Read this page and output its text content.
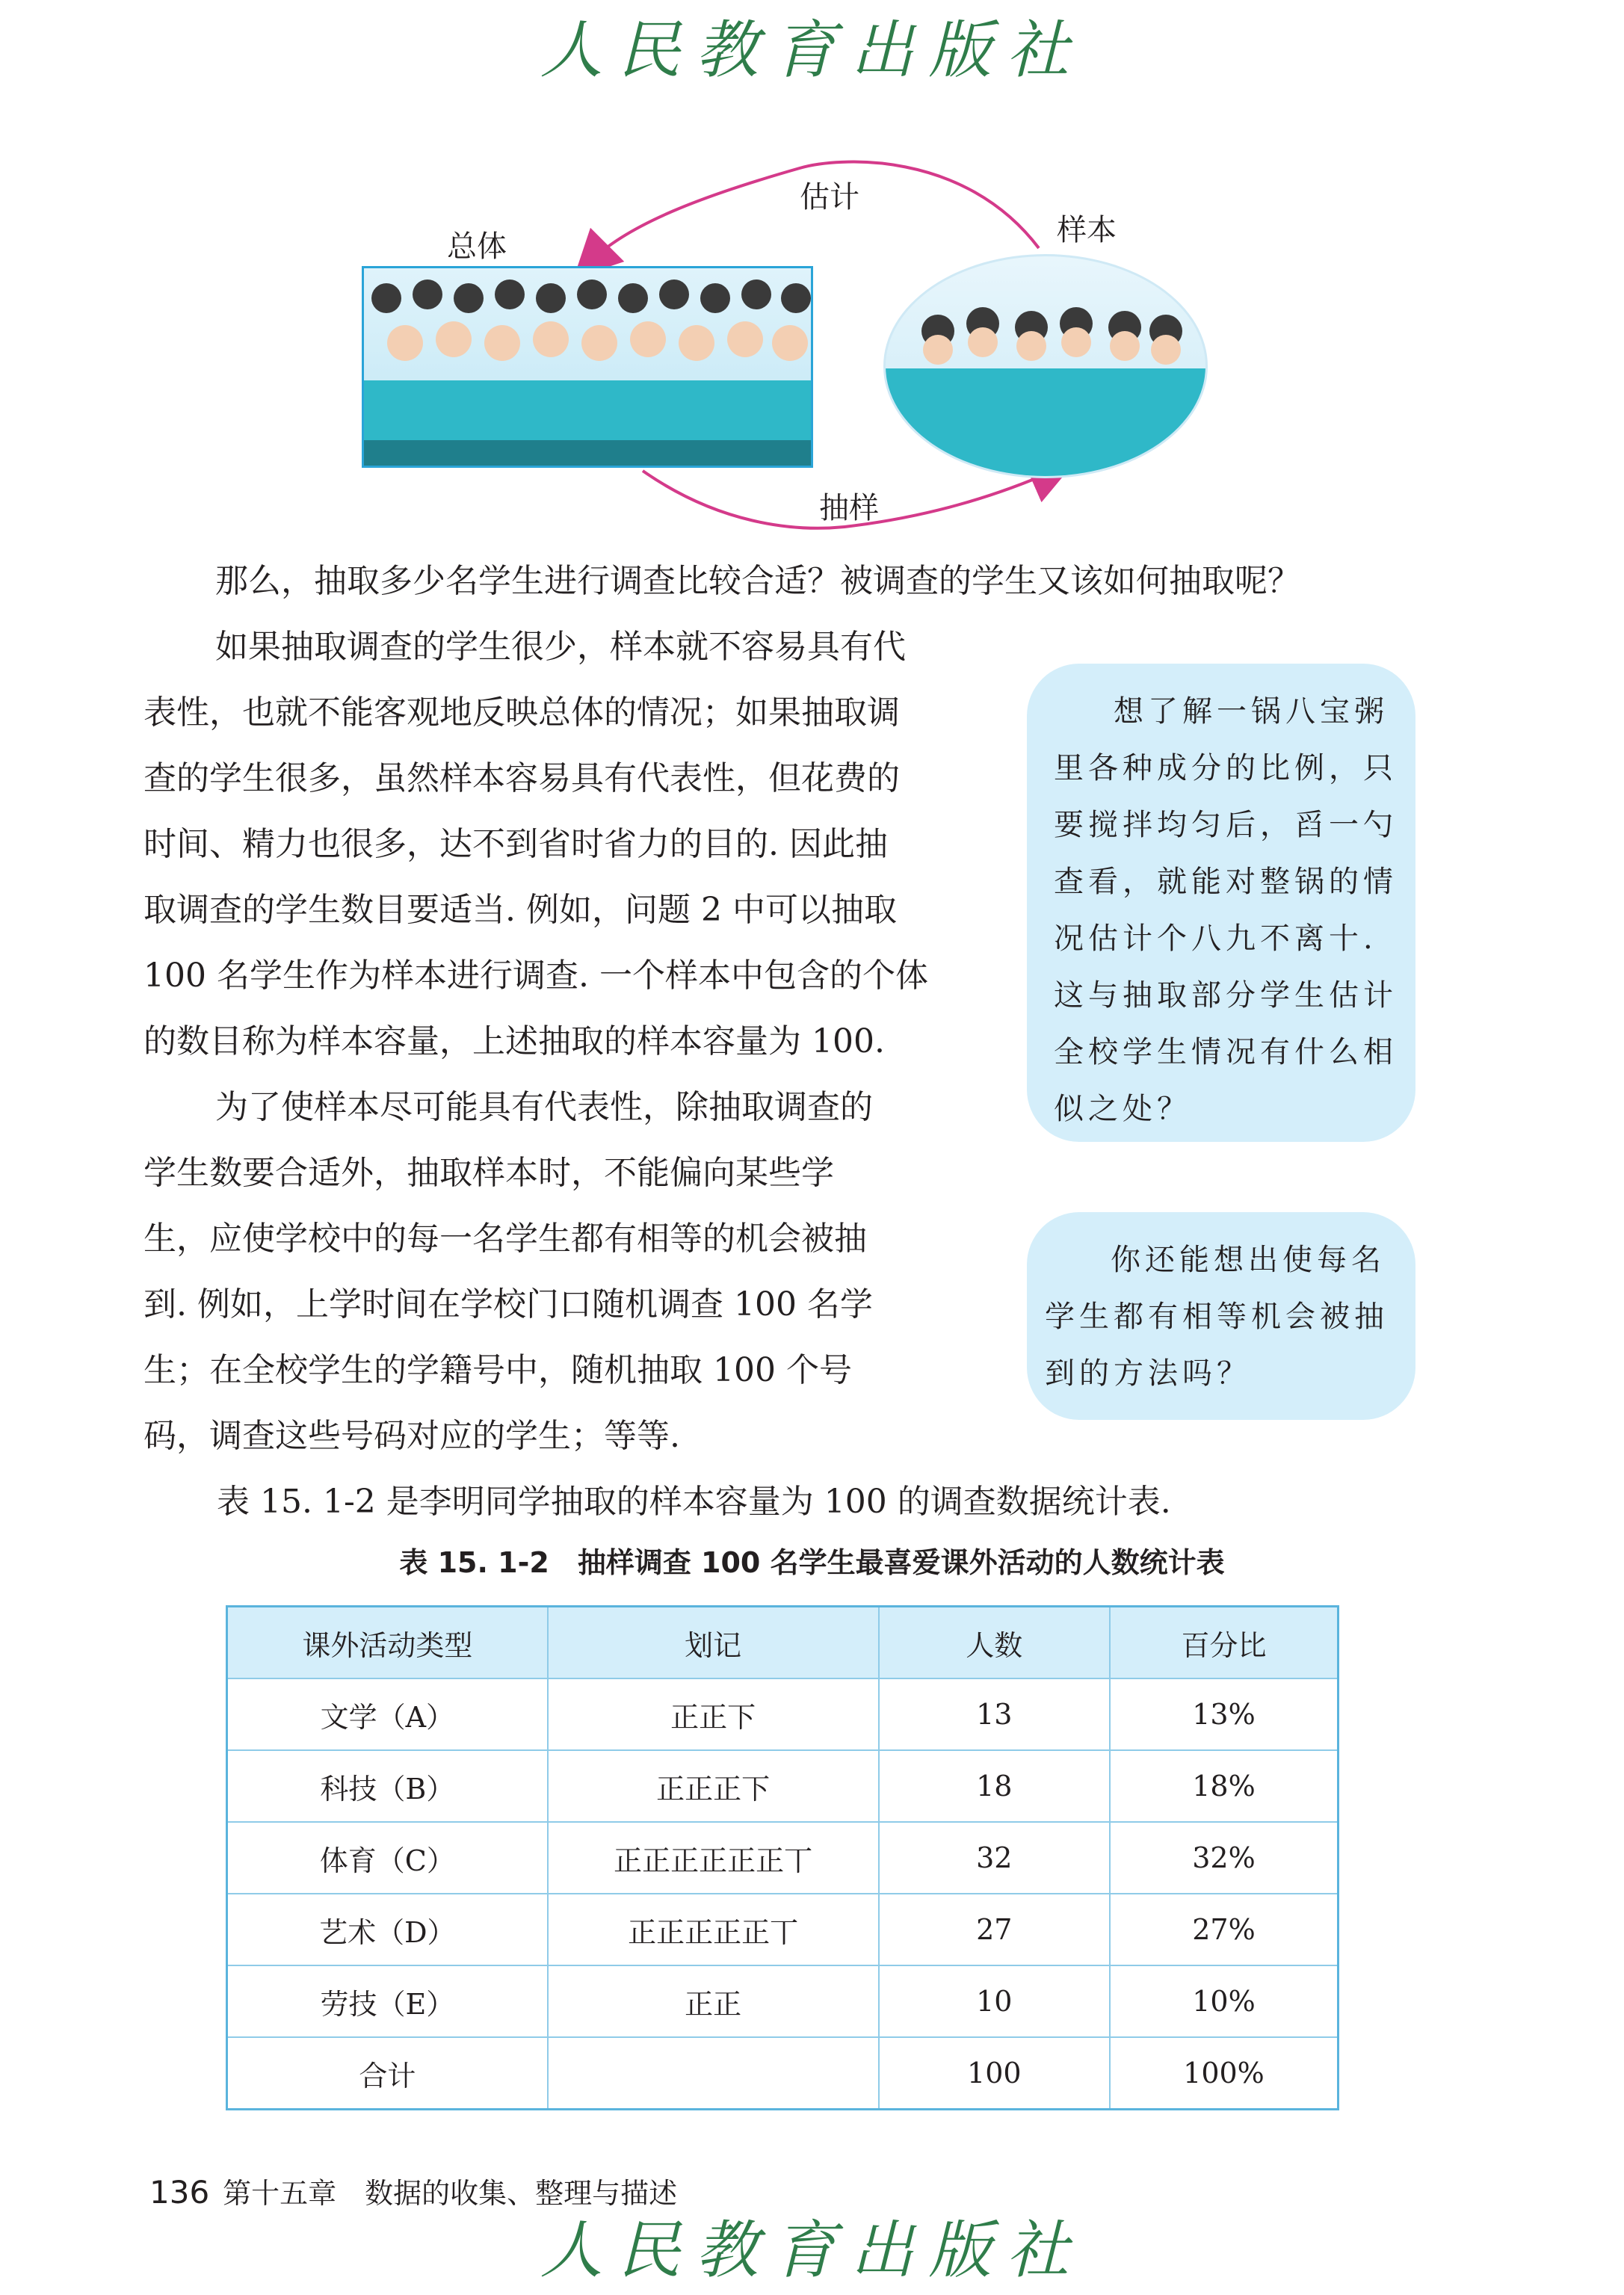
人民教育出版社
估计
样本
总体
抽样
那么，抽取多少名学生进行调查比较合适？被调查的学生又该如何抽取呢？
如果抽取调查的学生很少，样本就不容易具有代
表性，也就不能客观地反映总体的情况；如果抽取调
查的学生很多，虽然样本容易具有代表性，但花费的
时间、精力也很多，达不到省时省力的目的. 因此抽
取调查的学生数目要适当. 例如，问题 2 中可以抽取
100 名学生作为样本进行调查. 一个样本中包含的个体
的数目称为样本容量，上述抽取的样本容量为 100.
为了使样本尽可能具有代表性，除抽取调查的
学生数要合适外，抽取样本时，不能偏向某些学
生，应使学校中的每一名学生都有相等的机会被抽
到. 例如，上学时间在学校门口随机调查 100 名学
生；在全校学生的学籍号中，随机抽取 100 个号
码，调查这些号码对应的学生；等等.
表 15. 1-2 是李明同学抽取的样本容量为 100 的调查数据统计表.
想了解一锅八宝粥
里各种成分的比例，只
要搅拌均匀后，舀一勺
查看，就能对整锅的情
况估计个八九不离十.
这与抽取部分学生估计
全校学生情况有什么相
似之处？
你还能想出使每名
学生都有相等机会被抽
到的方法吗？
表 15. 1-2　抽样调查 100 名学生最喜爱课外活动的人数统计表
课外活动类型	划记	人数	百分比
文学（A）	正正下	13	13%
科技（B）	正正正下	18	18%
体育（C）	正正正正正正丅	32	32%
艺术（D）	正正正正正丅	27	27%
劳技（E）	正正	10	10%
合计		100	100%
136 第十五章　数据的收集、整理与描述
人民教育出版社
